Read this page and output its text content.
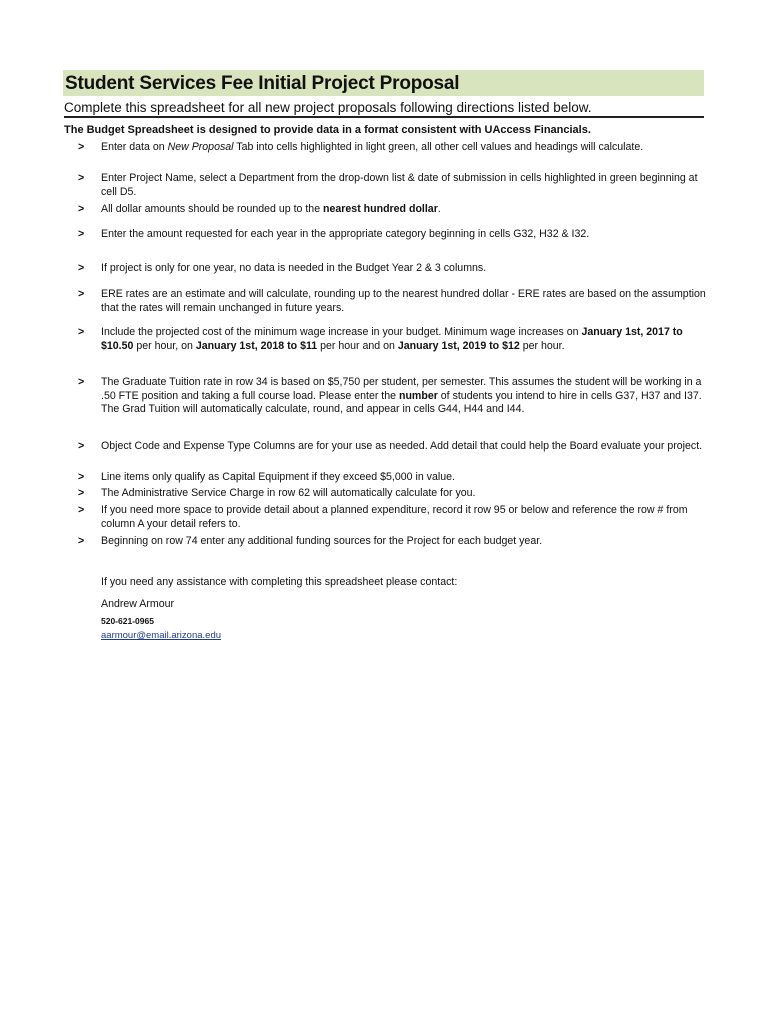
Student Services Fee Initial Project Proposal
Complete this spreadsheet for all new project proposals following directions listed below.
The Budget Spreadsheet is designed to provide data in a format consistent with UAccess Financials.
> Enter data on New Proposal Tab into cells highlighted in light green, all other cell values and headings will calculate.
> Enter Project Name, select a Department from the drop-down list & date of submission in cells highlighted in green beginning at cell D5.
> All dollar amounts should be rounded up to the nearest hundred dollar.
> Enter the amount requested for each year in the appropriate category beginning in cells G32, H32 & I32.
> If project is only for one year, no data is needed in the Budget Year 2 & 3 columns.
> ERE rates are an estimate and will calculate, rounding up to the nearest hundred dollar - ERE rates are based on the assumption that the rates will remain unchanged in future years.
> Include the projected cost of the minimum wage increase in your budget. Minimum wage increases on January 1st, 2017 to $10.50 per hour, on January 1st, 2018 to $11 per hour and on January 1st, 2019 to $12 per hour.
> The Graduate Tuition rate in row 34 is based on $5,750 per student, per semester. This assumes the student will be working in a .50 FTE position and taking a full course load. Please enter the number of students you intend to hire in cells G37, H37 and I37. The Grad Tuition will automatically calculate, round, and appear in cells G44, H44 and I44.
> Object Code and Expense Type Columns are for your use as needed. Add detail that could help the Board evaluate your project.
> Line items only qualify as Capital Equipment if they exceed $5,000 in value.
> The Administrative Service Charge in row 62 will automatically calculate for you.
> If you need more space to provide detail about a planned expenditure, record it row 95 or below and reference the row # from column A your detail refers to.
> Beginning on row 74 enter any additional funding sources for the Project for each budget year.
If you need any assistance with completing this spreadsheet please contact:
Andrew Armour
520-621-0965
aarmour@email.arizona.edu
